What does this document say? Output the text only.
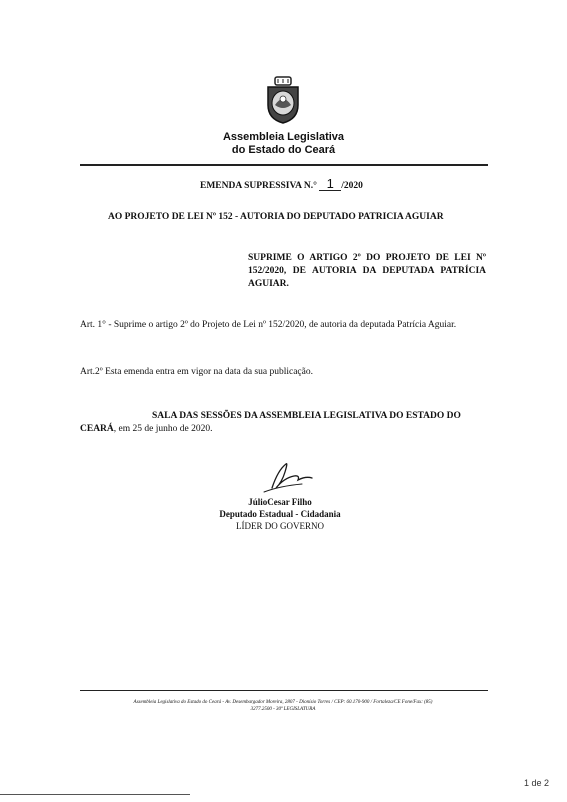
Assembleia Legislativa
do Estado do Ceará
EMENDA SUPRESSIVA N.° 1 /2020
AO PROJETO DE LEI Nº 152 - AUTORIA DO DEPUTADO PATRICIA AGUIAR
SUPRIME O ARTIGO 2º DO PROJETO DE LEI Nº 152/2020, DE AUTORIA DA DEPUTADA PATRÍCIA AGUIAR.
Art. 1° - Suprime o artigo 2º do Projeto de Lei nº 152/2020, de autoria da deputada Patrícia Aguiar.
Art.2º Esta emenda entra em vigor na data da sua publicação.
SALA DAS SESSÕES DA ASSEMBLEIA LEGISLATIVA DO ESTADO DO CEARÁ, em 25 de junho de 2020.
JúlioCesar Filho
Deputado Estadual - Cidadania
LÍDER DO GOVERNO
Assembleia Legislativa do Estado do Ceará - Av. Desembargador Moreira, 2807 - Dionísio Torres / CEP: 60.170-900 / Fortaleza/CE Fone/Fax: (85)
3277.2500 - 30ª LEGISLATURA
1 de 2
